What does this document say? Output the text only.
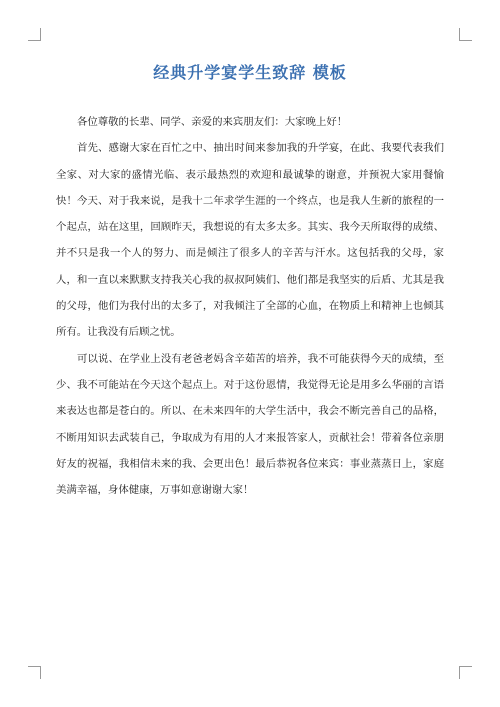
经典升学宴学生致辞 模板

各位尊敬的长辈、同学、亲爱的来宾朋友们：大家晚上好！

首先、感谢大家在百忙之中、抽出时间来参加我的升学宴，在此、我要代表我们全家、对大家的盛情光临、表示最热烈的欢迎和最诚挚的谢意，并预祝大家用餐愉快！今天、对于我来说，是我十二年求学生涯的一个终点，也是我人生新的旅程的一个起点，站在这里，回顾昨天，我想说的有太多太多。其实、我今天所取得的成绩、并不只是我一个人的努力、而是倾注了很多人的辛苦与汗水。这包括我的父母，家人，和一直以来默默支持我关心我的叔叔阿姨们、他们都是我坚实的后盾、尤其是我的父母，他们为我付出的太多了，对我倾注了全部的心血，在物质上和精神上也倾其所有。让我没有后顾之忧。

可以说、在学业上没有老爸老妈含辛茹苦的培养，我不可能获得今天的成绩，至少、我不可能站在今天这个起点上。对于这份恩情，我觉得无论是用多么华丽的言语来表达也都是苍白的。所以、在未来四年的大学生活中，我会不断完善自己的品格，不断用知识去武装自己，争取成为有用的人才来报答家人，贡献社会！带着各位亲朋好友的祝福，我相信未来的我、会更出色！最后恭祝各位来宾：事业蒸蒸日上，家庭美满幸福，身体健康，万事如意谢谢大家！
